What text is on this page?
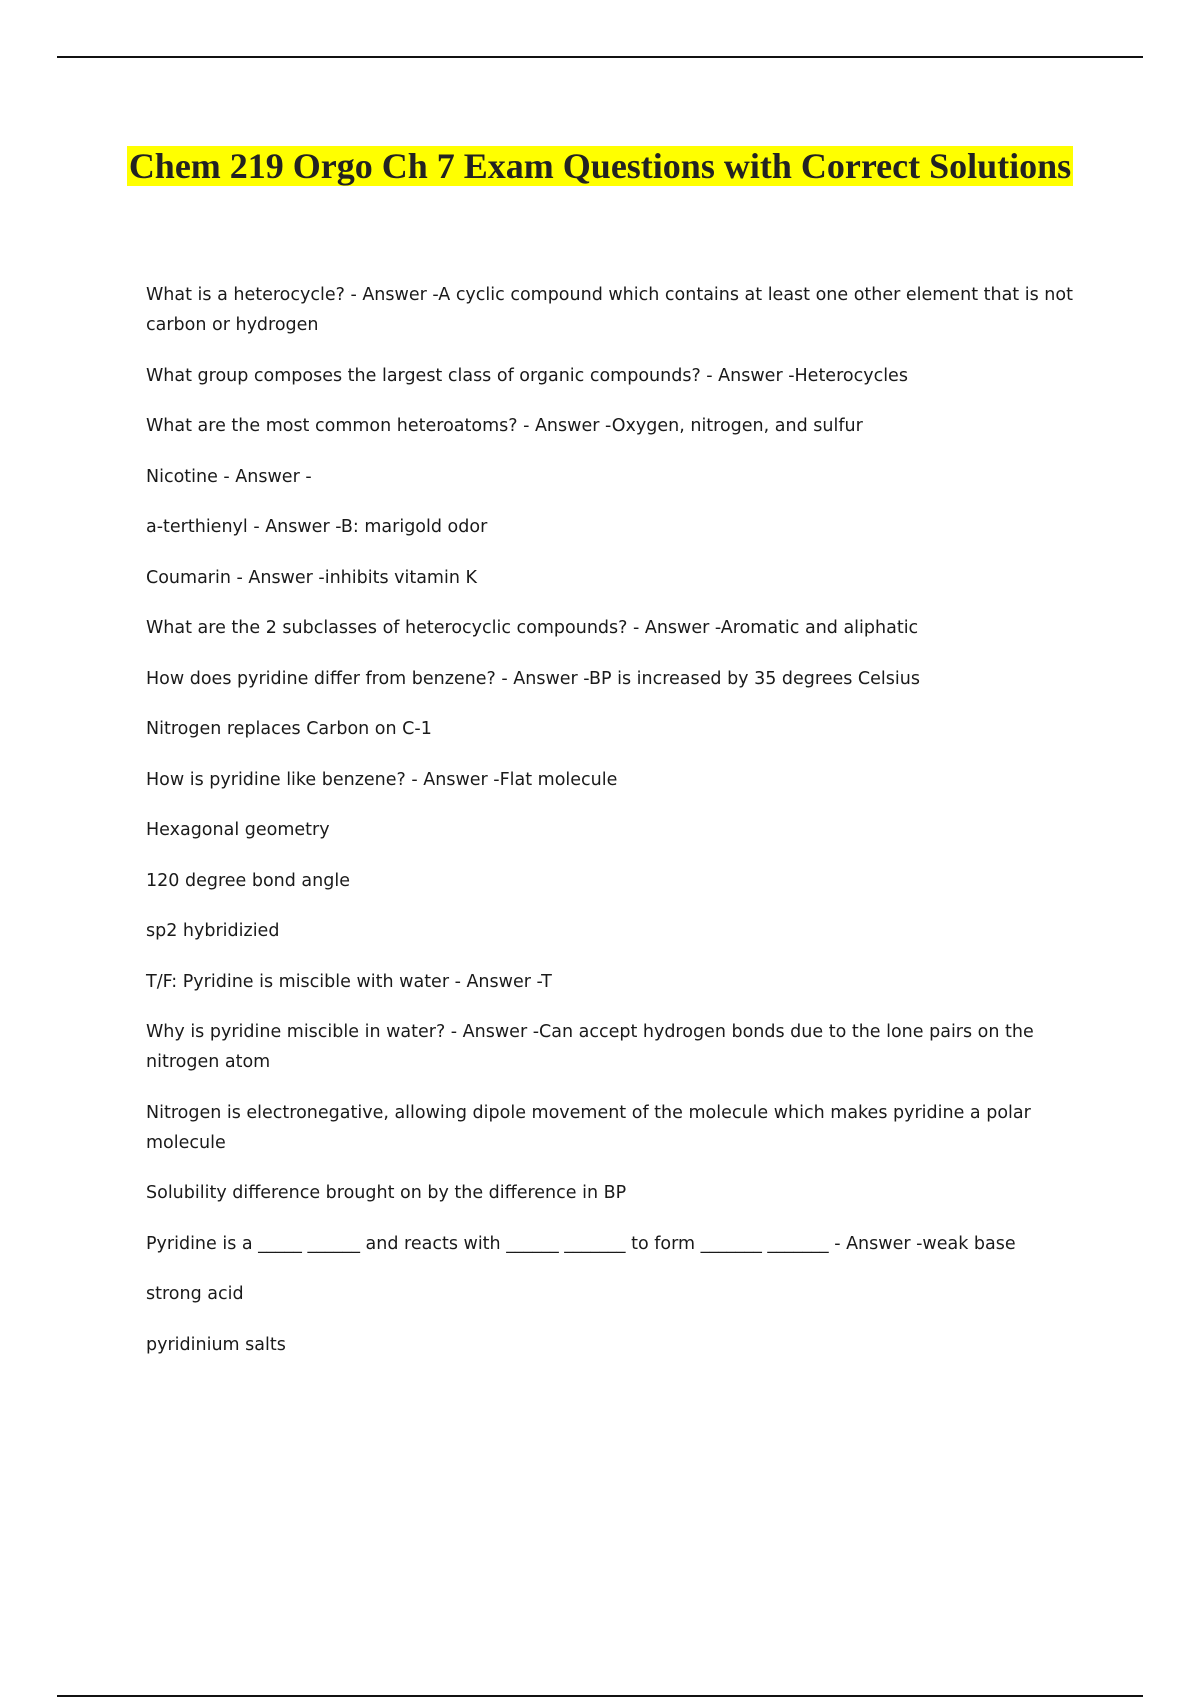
Chem 219 Orgo Ch 7 Exam Questions with Correct Solutions

What is a heterocycle? - Answer -A cyclic compound which contains at least one other element that is not carbon or hydrogen

What group composes the largest class of organic compounds? - Answer -Heterocycles

What are the most common heteroatoms? - Answer -Oxygen, nitrogen, and sulfur

Nicotine - Answer -

a-terthienyl - Answer -B: marigold odor

Coumarin - Answer -inhibits vitamin K

What are the 2 subclasses of heterocyclic compounds? - Answer -Aromatic and aliphatic

How does pyridine differ from benzene? - Answer -BP is increased by 35 degrees Celsius

Nitrogen replaces Carbon on C-1

How is pyridine like benzene? - Answer -Flat molecule

Hexagonal geometry

120 degree bond angle

sp2 hybridizied

T/F: Pyridine is miscible with water - Answer -T

Why is pyridine miscible in water? - Answer -Can accept hydrogen bonds due to the lone pairs on the nitrogen atom

Nitrogen is electronegative, allowing dipole movement of the molecule which makes pyridine a polar molecule

Solubility difference brought on by the difference in BP

Pyridine is a _____ ______ and reacts with ______ _______ to form _______ _______ - Answer -weak base

strong acid

pyridinium salts
